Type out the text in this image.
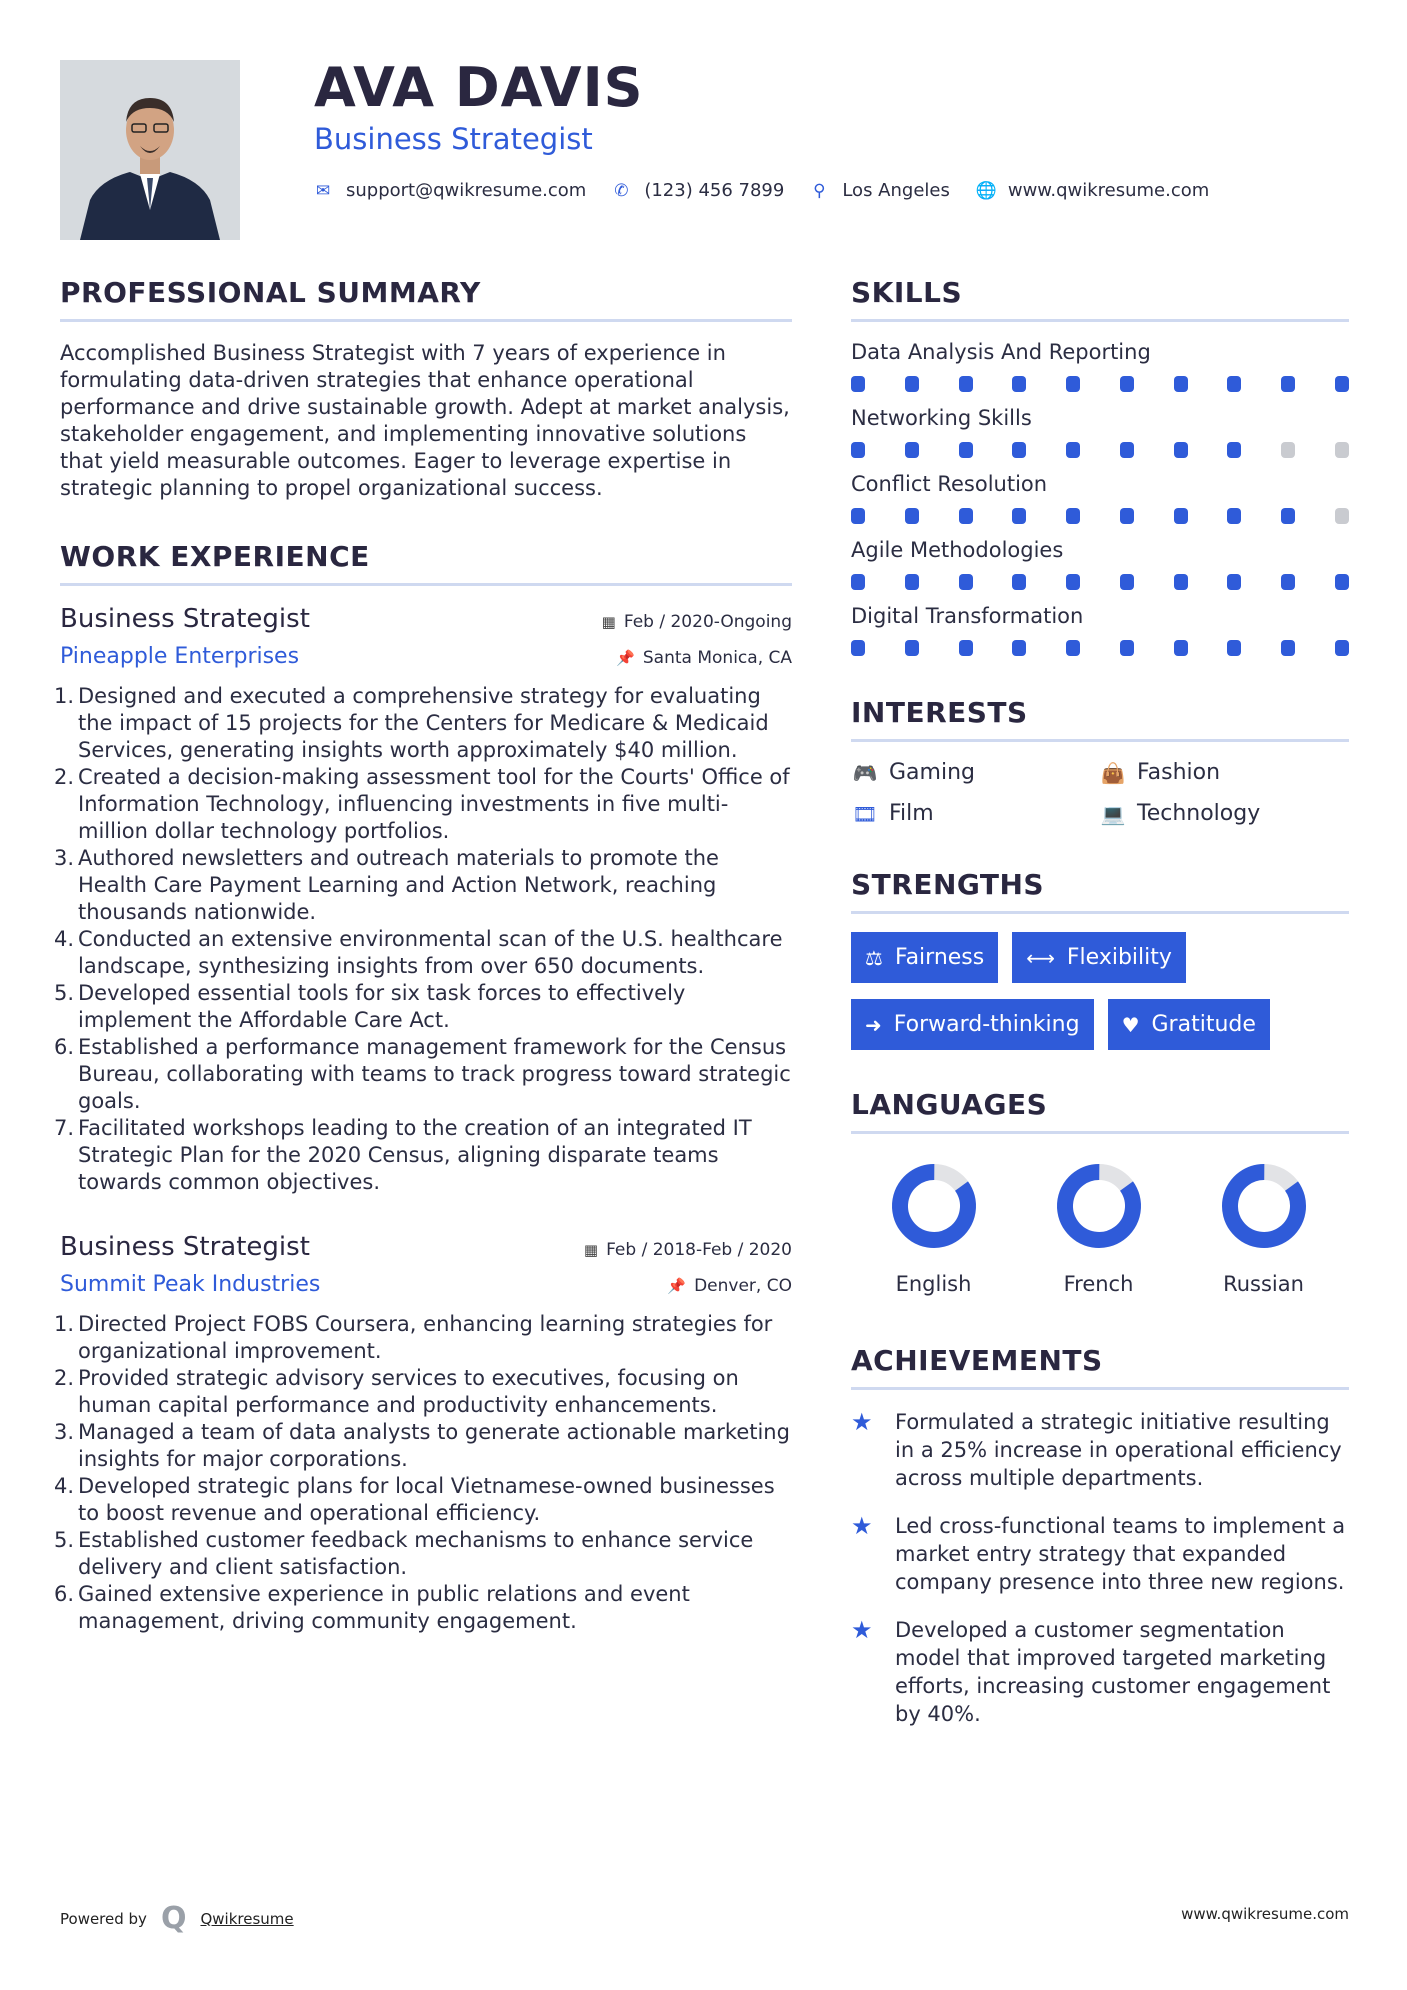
AVA DAVIS
Business Strategist
✉ support@qwikresume.com ✆ (123) 456 7899 ⚲ Los Angeles 🌐 www.qwikresume.com
PROFESSIONAL SUMMARY
Accomplished Business Strategist with 7 years of experience in formulating data-driven strategies that enhance operational performance and drive sustainable growth. Adept at market analysis, stakeholder engagement, and implementing innovative solutions that yield measurable outcomes. Eager to leverage expertise in strategic planning to propel organizational success.
WORK EXPERIENCE
Business Strategist	▦ Feb / 2020-Ongoing
Pineapple Enterprises	📌 Santa Monica, CA
1. Designed and executed a comprehensive strategy for evaluating the impact of 15 projects for the Centers for Medicare & Medicaid Services, generating insights worth approximately $40 million.
2. Created a decision-making assessment tool for the Courts' Office of Information Technology, influencing investments in five multi-million dollar technology portfolios.
3. Authored newsletters and outreach materials to promote the Health Care Payment Learning and Action Network, reaching thousands nationwide.
4. Conducted an extensive environmental scan of the U.S. healthcare landscape, synthesizing insights from over 650 documents.
5. Developed essential tools for six task forces to effectively implement the Affordable Care Act.
6. Established a performance management framework for the Census Bureau, collaborating with teams to track progress toward strategic goals.
7. Facilitated workshops leading to the creation of an integrated IT Strategic Plan for the 2020 Census, aligning disparate teams towards common objectives.
Business Strategist	▦ Feb / 2018-Feb / 2020
Summit Peak Industries	📌 Denver, CO
1. Directed Project FOBS Coursera, enhancing learning strategies for organizational improvement.
2. Provided strategic advisory services to executives, focusing on human capital performance and productivity enhancements.
3. Managed a team of data analysts to generate actionable marketing insights for major corporations.
4. Developed strategic plans for local Vietnamese-owned businesses to boost revenue and operational efficiency.
5. Established customer feedback mechanisms to enhance service delivery and client satisfaction.
6. Gained extensive experience in public relations and event management, driving community engagement.
SKILLS
Data Analysis And Reporting
Networking Skills
Conflict Resolution
Agile Methodologies
Digital Transformation
INTERESTS
🎮 Gaming	👜 Fashion
🎞 Film	💻 Technology
STRENGTHS
⚖ Fairness ⟷ Flexibility
➜ Forward-thinking ♥ Gratitude
LANGUAGES
English	French	Russian
ACHIEVEMENTS
★	Formulated a strategic initiative resulting in a 25% increase in operational efficiency across multiple departments.
★	Led cross-functional teams to implement a market entry strategy that expanded company presence into three new regions.
★	Developed a customer segmentation model that improved targeted marketing efforts, increasing customer engagement by 40%.
Powered by Q Qwikresume	www.qwikresume.com
